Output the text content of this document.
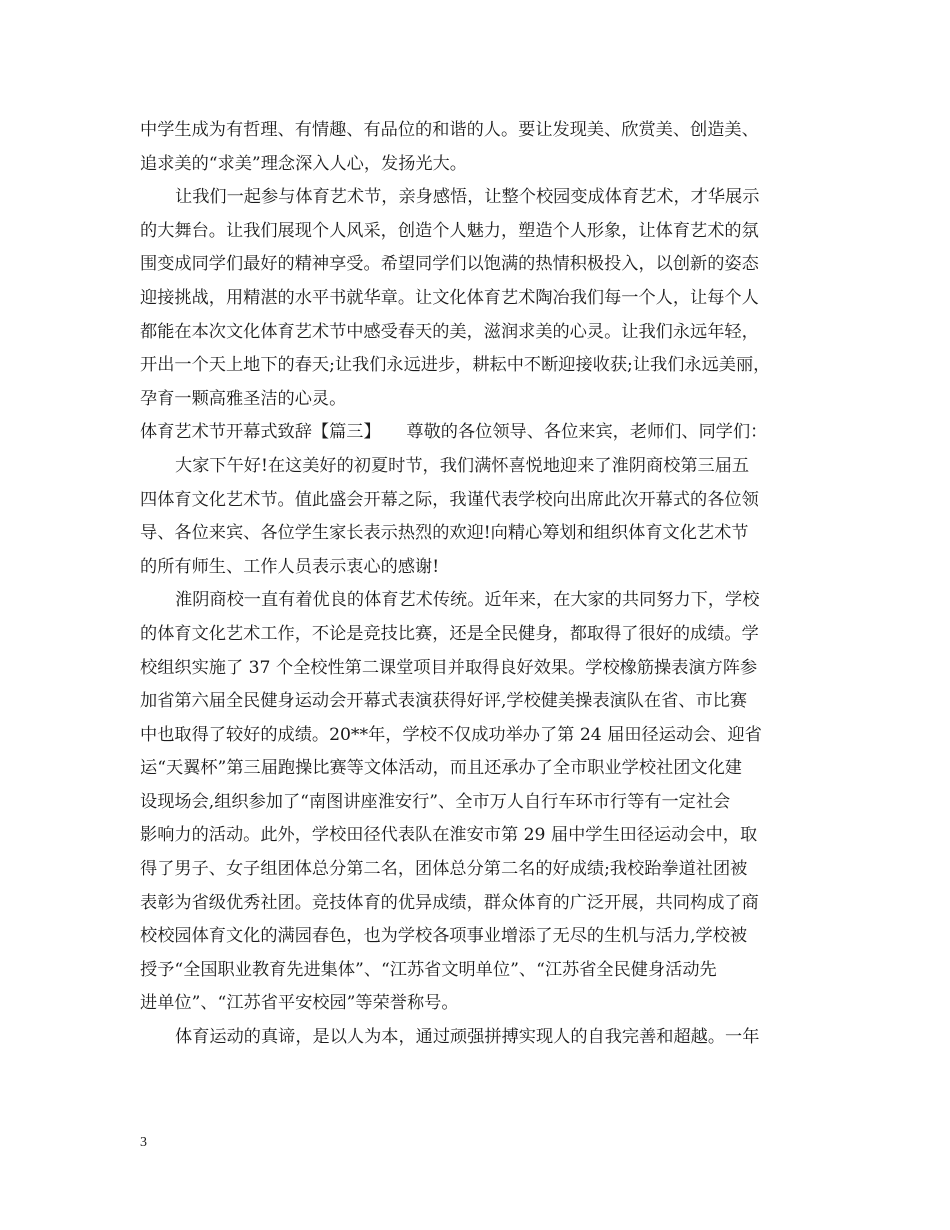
中学生成为有哲理、有情趣、有品位的和谐的人。要让发现美、欣赏美、创造美、
追求美的“求美”理念深入人心，发扬光大。
让我们一起参与体育艺术节，亲身感悟，让整个校园变成体育艺术，才华展示
的大舞台。让我们展现个人风采，创造个人魅力，塑造个人形象，让体育艺术的氛
围变成同学们最好的精神享受。希望同学们以饱满的热情积极投入，以创新的姿态
迎接挑战，用精湛的水平书就华章。让文化体育艺术陶冶我们每一个人，让每个人
都能在本次文化体育艺术节中感受春天的美，滋润求美的心灵。让我们永远年轻，
开出一个天上地下的春天;让我们永远进步，耕耘中不断迎接收获;让我们永远美丽，
孕育一颗高雅圣洁的心灵。
体育艺术节开幕式致辞【篇三】　　尊敬的各位领导、各位来宾，老师们、同学们：
大家下午好!在这美好的初夏时节，我们满怀喜悦地迎来了淮阴商校第三届五
四体育文化艺术节。值此盛会开幕之际，我谨代表学校向出席此次开幕式的各位领
导、各位来宾、各位学生家长表示热烈的欢迎!向精心筹划和组织体育文化艺术节
的所有师生、工作人员表示衷心的感谢!
淮阴商校一直有着优良的体育艺术传统。近年来，在大家的共同努力下，学校
的体育文化艺术工作，不论是竞技比赛，还是全民健身，都取得了很好的成绩。学
校组织实施了 37 个全校性第二课堂项目并取得良好效果。学校橡筋操表演方阵参
加省第六届全民健身运动会开幕式表演获得好评,学校健美操表演队在省、市比赛
中也取得了较好的成绩。20**年，学校不仅成功举办了第 24 届田径运动会、迎省
运“天翼杯”第三届跑操比赛等文体活动，而且还承办了全市职业学校社团文化建
设现场会,组织参加了“南图讲座淮安行”、全市万人自行车环市行等有一定社会
影响力的活动。此外，学校田径代表队在淮安市第 29 届中学生田径运动会中，取
得了男子、女子组团体总分第二名，团体总分第二名的好成绩;我校跆拳道社团被
表彰为省级优秀社团。竞技体育的优异成绩，群众体育的广泛开展，共同构成了商
校校园体育文化的满园春色，也为学校各项事业增添了无尽的生机与活力,学校被
授予“全国职业教育先进集体”、“江苏省文明单位”、“江苏省全民健身活动先
进单位”、“江苏省平安校园”等荣誉称号。
体育运动的真谛，是以人为本，通过顽强拼搏实现人的自我完善和超越。一年
3
